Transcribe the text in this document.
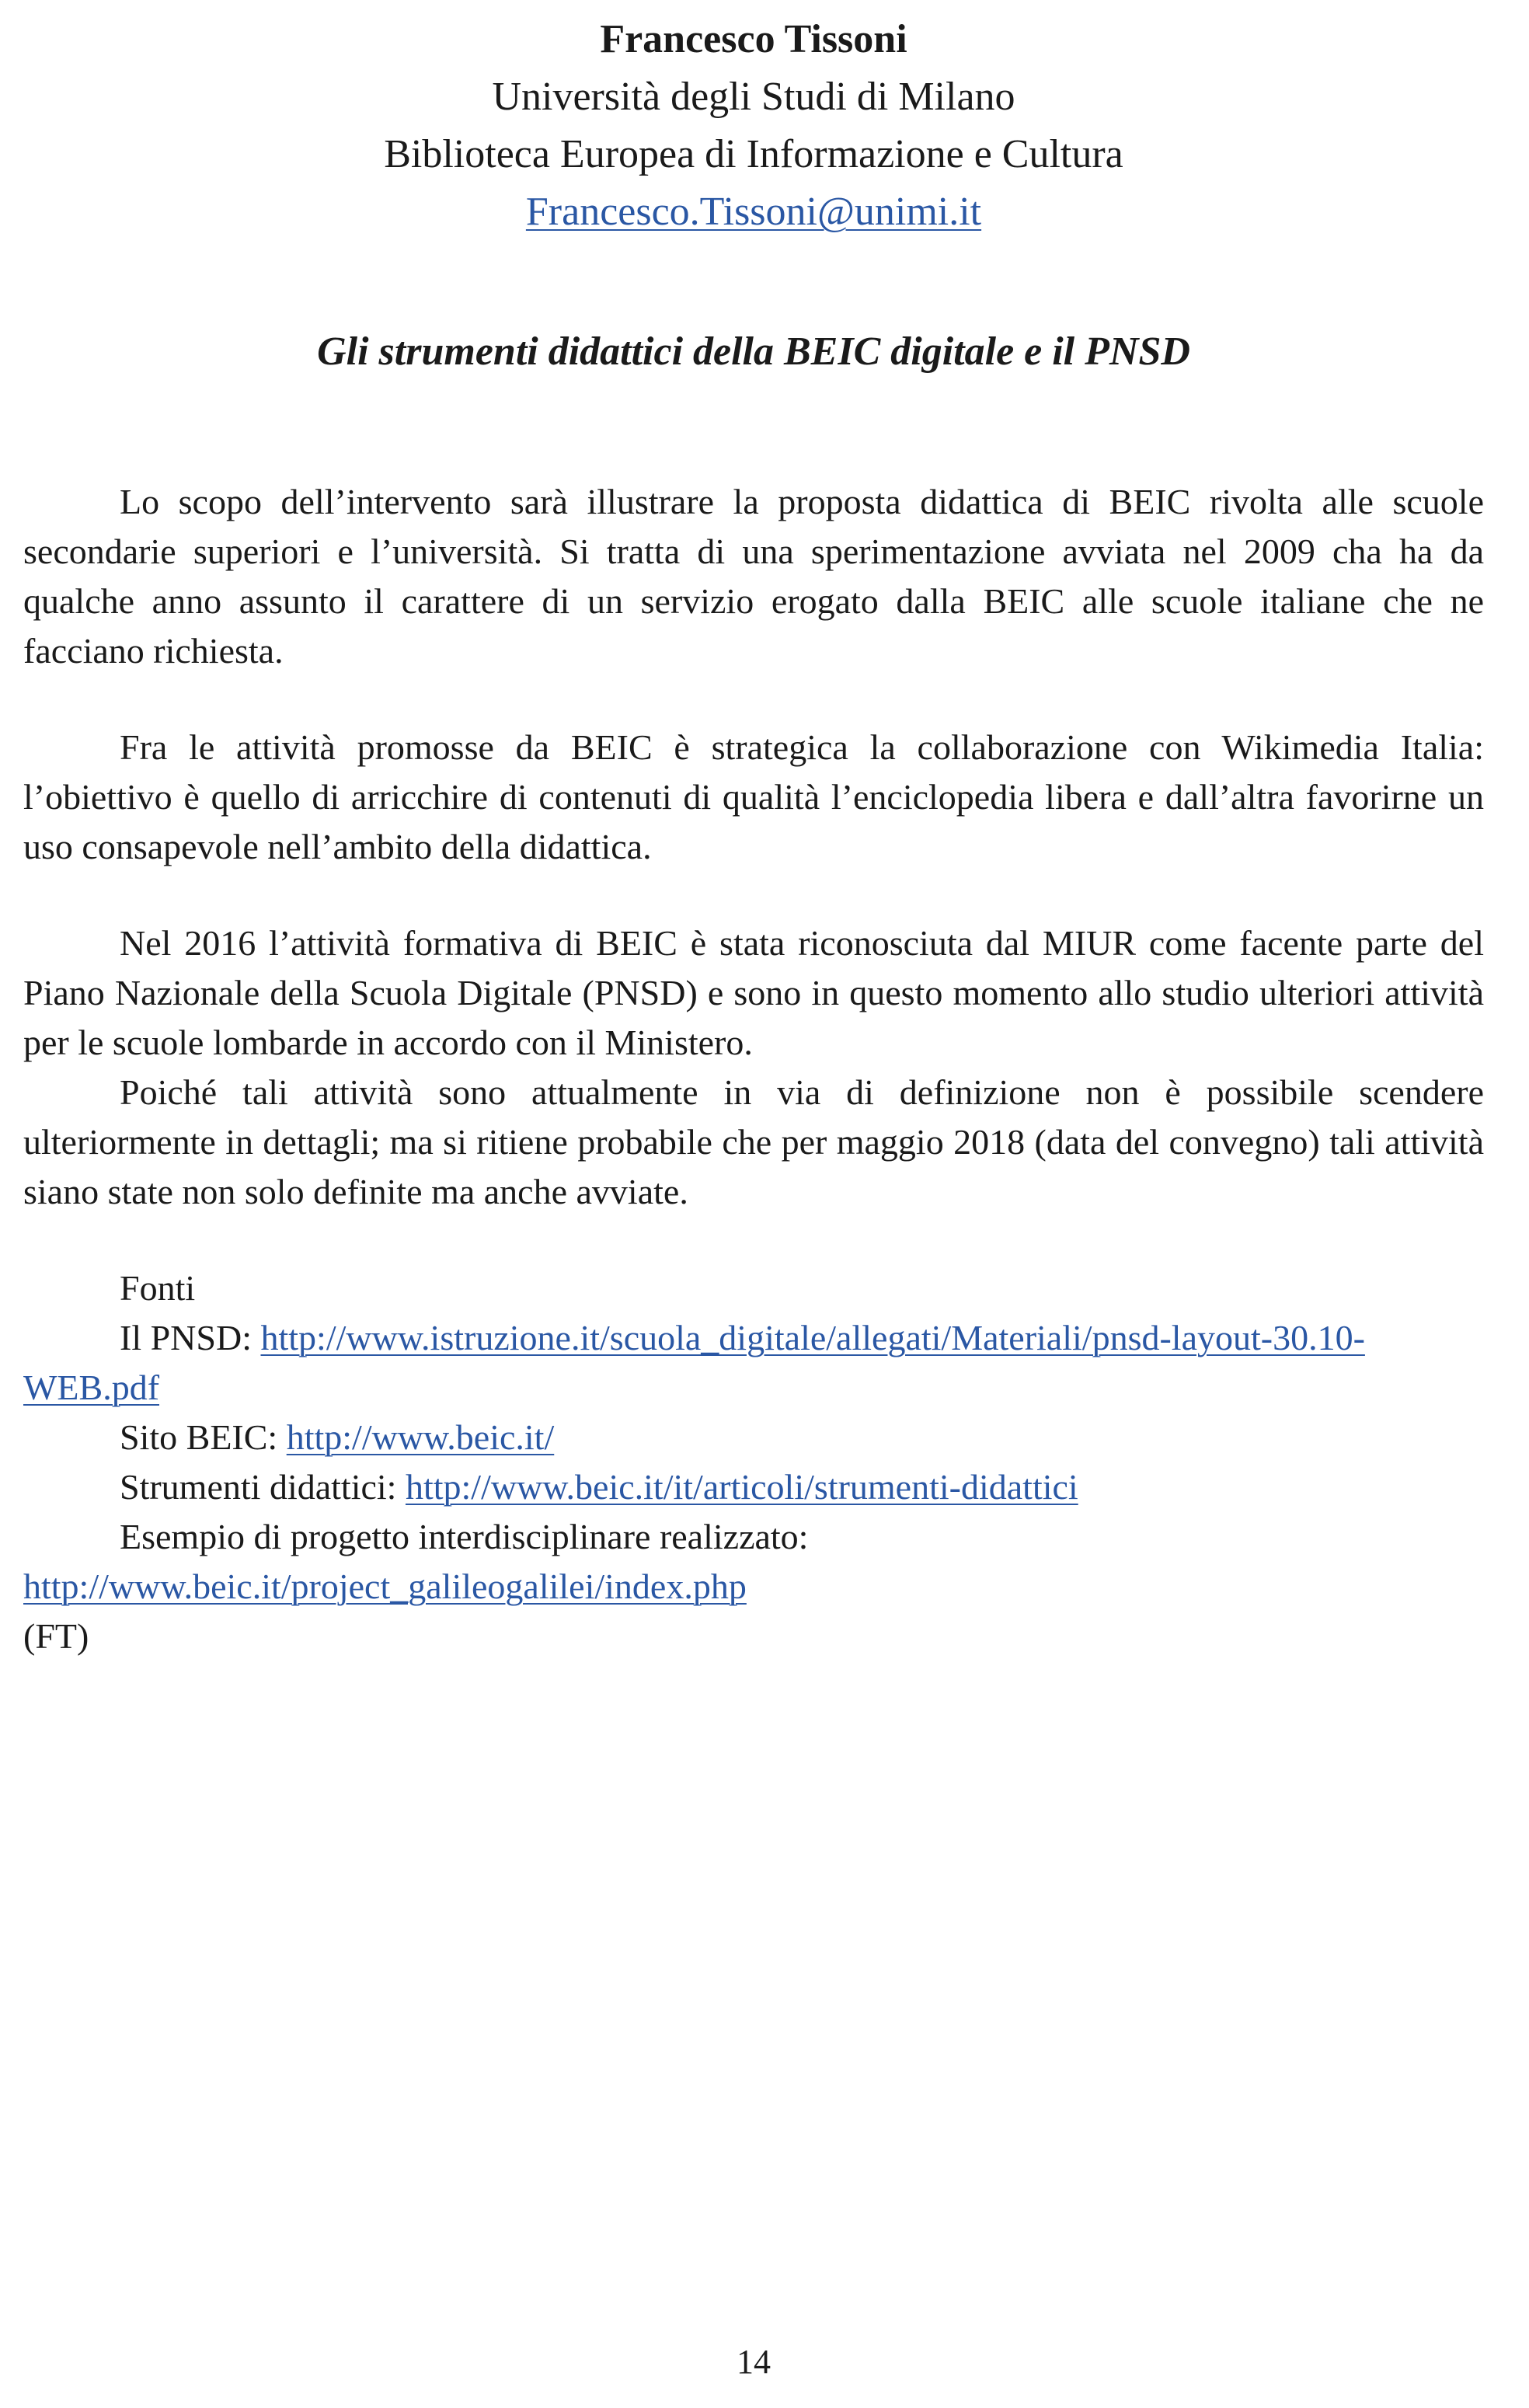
Francesco Tissoni
Università degli Studi di Milano
Biblioteca Europea di Informazione e Cultura
Francesco.Tissoni@unimi.it
Gli strumenti didattici della BEIC digitale e il PNSD

Lo scopo dell’intervento sarà illustrare la proposta didattica di BEIC rivolta alle scuole secondarie superiori e l’università. Si tratta di una sperimentazione avviata nel 2009 cha ha da qualche anno assunto il carattere di un servizio erogato dalla BEIC alle scuole italiane che ne facciano richiesta.

Fra le attività promosse da BEIC è strategica la collaborazione con Wikimedia Italia: l’obiettivo è quello di arricchire di contenuti di qualità l’enciclopedia libera e dall’altra favorirne un uso consapevole nell’ambito della didattica.

Nel 2016 l’attività formativa di BEIC è stata riconosciuta dal MIUR come facente parte del Piano Nazionale della Scuola Digitale (PNSD) e sono in questo momento allo studio ulteriori attività per le scuole lombarde in accordo con il Ministero.

Poiché tali attività sono attualmente in via di definizione non è possibile scendere ulteriormente in dettagli; ma si ritiene probabile che per maggio 2018 (data del convegno) tali attività siano state non solo definite ma anche avviate.

Fonti

Il PNSD: http://www.istruzione.it/scuola_digitale/allegati/Materiali/pnsd-layout-30.10-WEB.pdf

Sito BEIC: http://www.beic.it/

Strumenti didattici: http://www.beic.it/it/articoli/strumenti-didattici

Esempio di progetto interdisciplinare realizzato: http://www.beic.it/project_galileogalilei/index.php

(FT)

14
